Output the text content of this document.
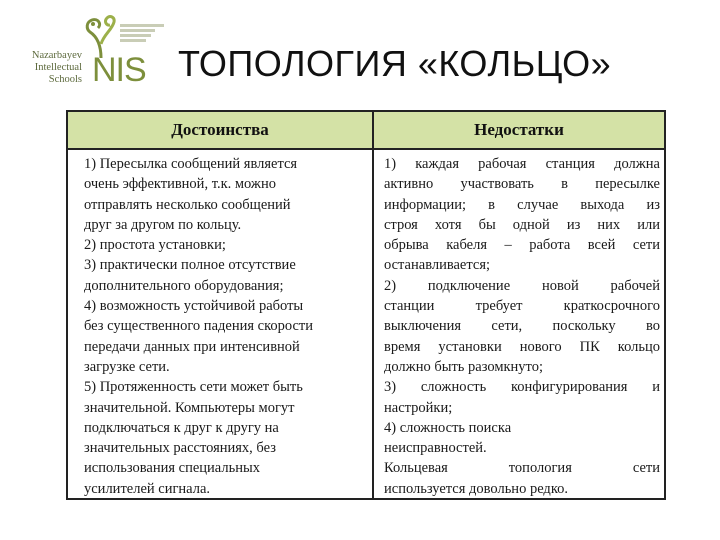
Nazarbayev
Intellectual
Schools NIS ТОПОЛОГИЯ «КОЛЬЦО»
Достоинства
1) Пересылка сообщений является
очень эффективной, т.к. можно
отправлять несколько сообщений
друг за другом по кольцу.
2) простота установки;
3) практически полное отсутствие
дополнительного оборудования;
4) возможность устойчивой работы
без существенного падения скорости
передачи данных при интенсивной
загрузке сети.
5) Протяженность сети может быть
значительной. Компьютеры могут
подключаться к друг к другу на
значительных расстояниях, без
использования специальных
усилителей сигнала.
Недостатки
1) каждая рабочая станция должна
активно участвовать в пересылке
информации; в случае выхода из
строя хотя бы одной из них или
обрыва кабеля – работа всей сети
останавливается;
2) подключение новой рабочей
станции требует краткосрочного
выключения сети, поскольку во
время установки нового ПК кольцо
должно быть разомкнуто;
3) сложность конфигурирования и
настройки;
4) сложность поиска
неисправностей.
Кольцевая топология сети
используется довольно редко.
